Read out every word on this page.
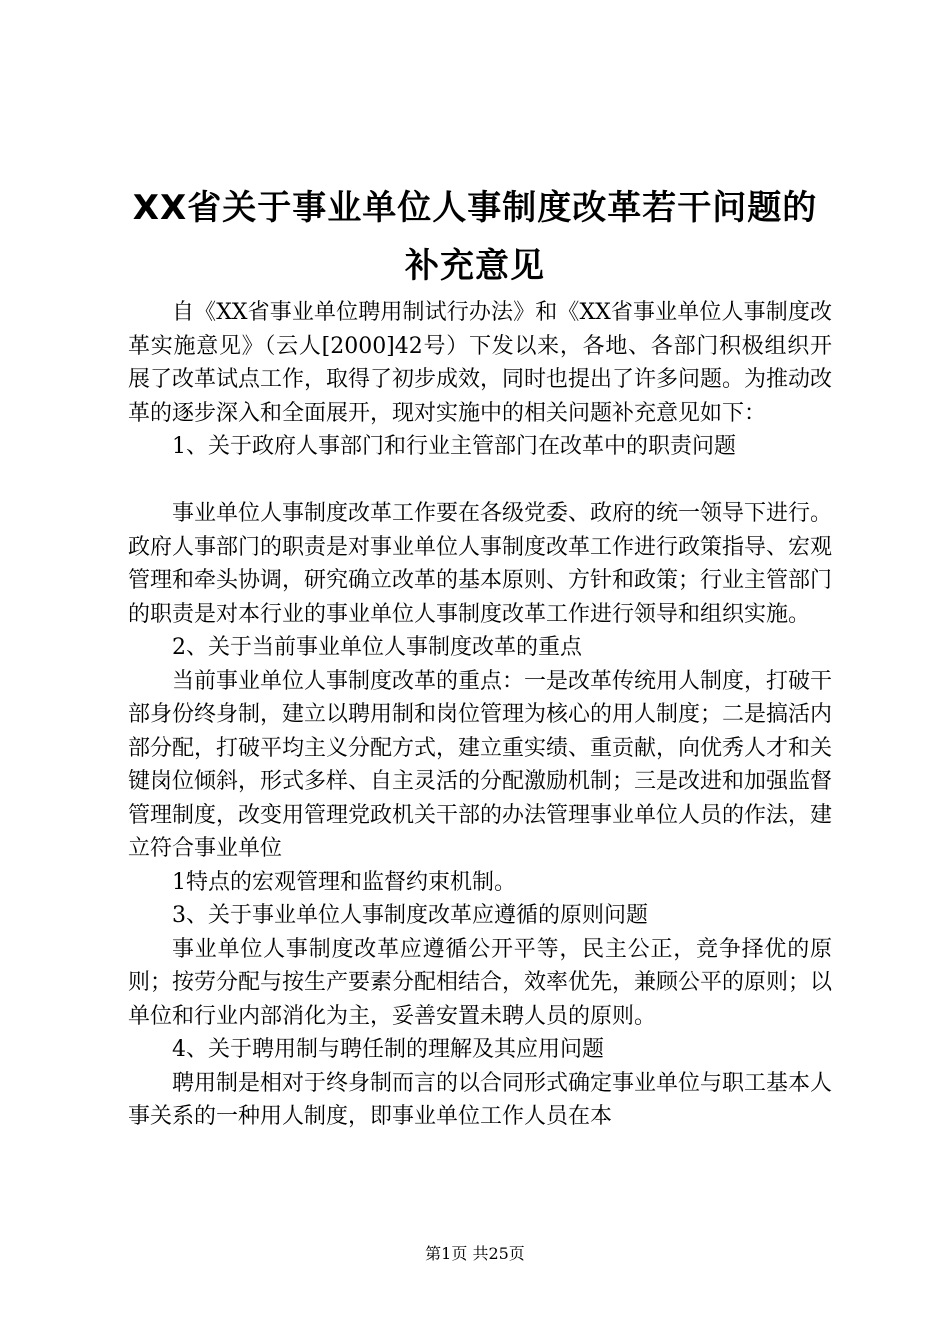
XX省关于事业单位人事制度改革若干问题的
补充意见

自《XX省事业单位聘用制试行办法》和《XX省事业单位人事制度改革实施意见》（云人[2000]42号）下发以来，各地、各部门积极组织开展了改革试点工作，取得了初步成效，同时也提出了许多问题。为推动改革的逐步深入和全面展开，现对实施中的相关问题补充意见如下：

1、关于政府人事部门和行业主管部门在改革中的职责问题

事业单位人事制度改革工作要在各级党委、政府的统一领导下进行。政府人事部门的职责是对事业单位人事制度改革工作进行政策指导、宏观管理和牵头协调，研究确立改革的基本原则、方针和政策；行业主管部门的职责是对本行业的事业单位人事制度改革工作进行领导和组织实施。

2、关于当前事业单位人事制度改革的重点

当前事业单位人事制度改革的重点：一是改革传统用人制度，打破干部身份终身制，建立以聘用制和岗位管理为核心的用人制度；二是搞活内部分配，打破平均主义分配方式，建立重实绩、重贡献，向优秀人才和关键岗位倾斜，形式多样、自主灵活的分配激励机制；三是改进和加强监督管理制度，改变用管理党政机关干部的办法管理事业单位人员的作法，建立符合事业单位

1特点的宏观管理和监督约束机制。

3、关于事业单位人事制度改革应遵循的原则问题

事业单位人事制度改革应遵循公开平等，民主公正，竞争择优的原则；按劳分配与按生产要素分配相结合，效率优先，兼顾公平的原则；以单位和行业内部消化为主，妥善安置未聘人员的原则。

4、关于聘用制与聘任制的理解及其应用问题

聘用制是相对于终身制而言的以合同形式确定事业单位与职工基本人事关系的一种用人制度，即事业单位工作人员在本

第1页 共25页
